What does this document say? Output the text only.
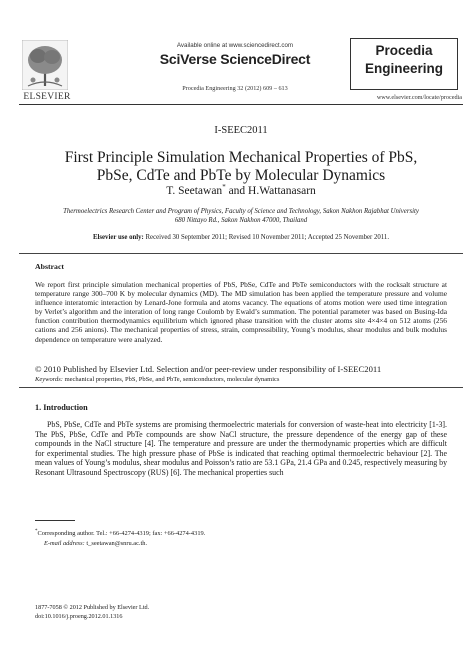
ELSEVIER
Available online at www.sciencedirect.com
SciVerse ScienceDirect
Procedia Engineering 32 (2012) 609 – 613
Procedia
Engineering
www.elsevier.com/locate/procedia
I-SEEC2011
First Principle Simulation Mechanical Properties of PbS,
PbSe, CdTe and PbTe by Molecular Dynamics
T. Seetawan* and H.Wattanasarn
Thermoelectrics Research Center and Program of Physics, Faculty of Science and Technology, Sakon Nakhon Rajabhat University
680 Nittayo Rd., Sakon Nakhon 47000, Thailand
Elsevier use only: Received 30 September 2011; Revised 10 November 2011; Accepted 25 November 2011.
Abstract
We report first principle simulation mechanical properties of PbS, PbSe, CdTe and PbTe semiconductors with the rocksalt structure at temperature range 300–700 K by molecular dynamics (MD). The MD simulation has been applied the temperature pressure and volume influence interatomic interaction by Lenard-Jone formula and atoms vacancy. The equations of atoms motion were used time integration by Verlet’s algorithm and the interation of long range Coulomb by Ewald’s summation. The potential parameter was based on Busing-Ida function contribution thermodynamics equilibrium which ignored phase transition with the cluster atoms site 4×4×4 on 512 atoms (256 cations and 256 anions). The mechanical properties of stress, strain, compressibility, Young’s modulus, shear modulus and bulk modulus dependence on temperature were analyzed.
© 2010 Published by Elsevier Ltd. Selection and/or peer-review under responsibility of I-SEEC2011
Keywords: mechanical properties, PbS, PbSe, and PbTe, semiconductors, molecular dynamics
1. Introduction
PbS, PbSe, CdTe and PbTe systems are promising thermoelectric materials for conversion of waste-heat into electricity [1-3]. The PbS, PbSe, CdTe and PbTe compounds are show NaCl structure, the pressure dependence of the energy gap of these compounds in the NaCl structure [4]. The temperature and pressure are under the thermodynamic properties which are difficult for experimental studies. The high pressure phase of PbSe is indicated that reaching optimal thermoelectric behaviour [2]. The mean values of Young’s modulus, shear modulus and Poisson’s ratio are 53.1 GPa, 21.4 GPa and 0.245, respectively measuring by Resonant Ultrasound Spectroscopy (RUS) [6]. The mechanical properties such
*Corresponding author. Tel.: +66-4274-4319; fax: +66-4274-4319.
E-mail address: t_seetawan@snru.ac.th.
1877-7058 © 2012 Published by Elsevier Ltd.
doi:10.1016/j.proeng.2012.01.1316
